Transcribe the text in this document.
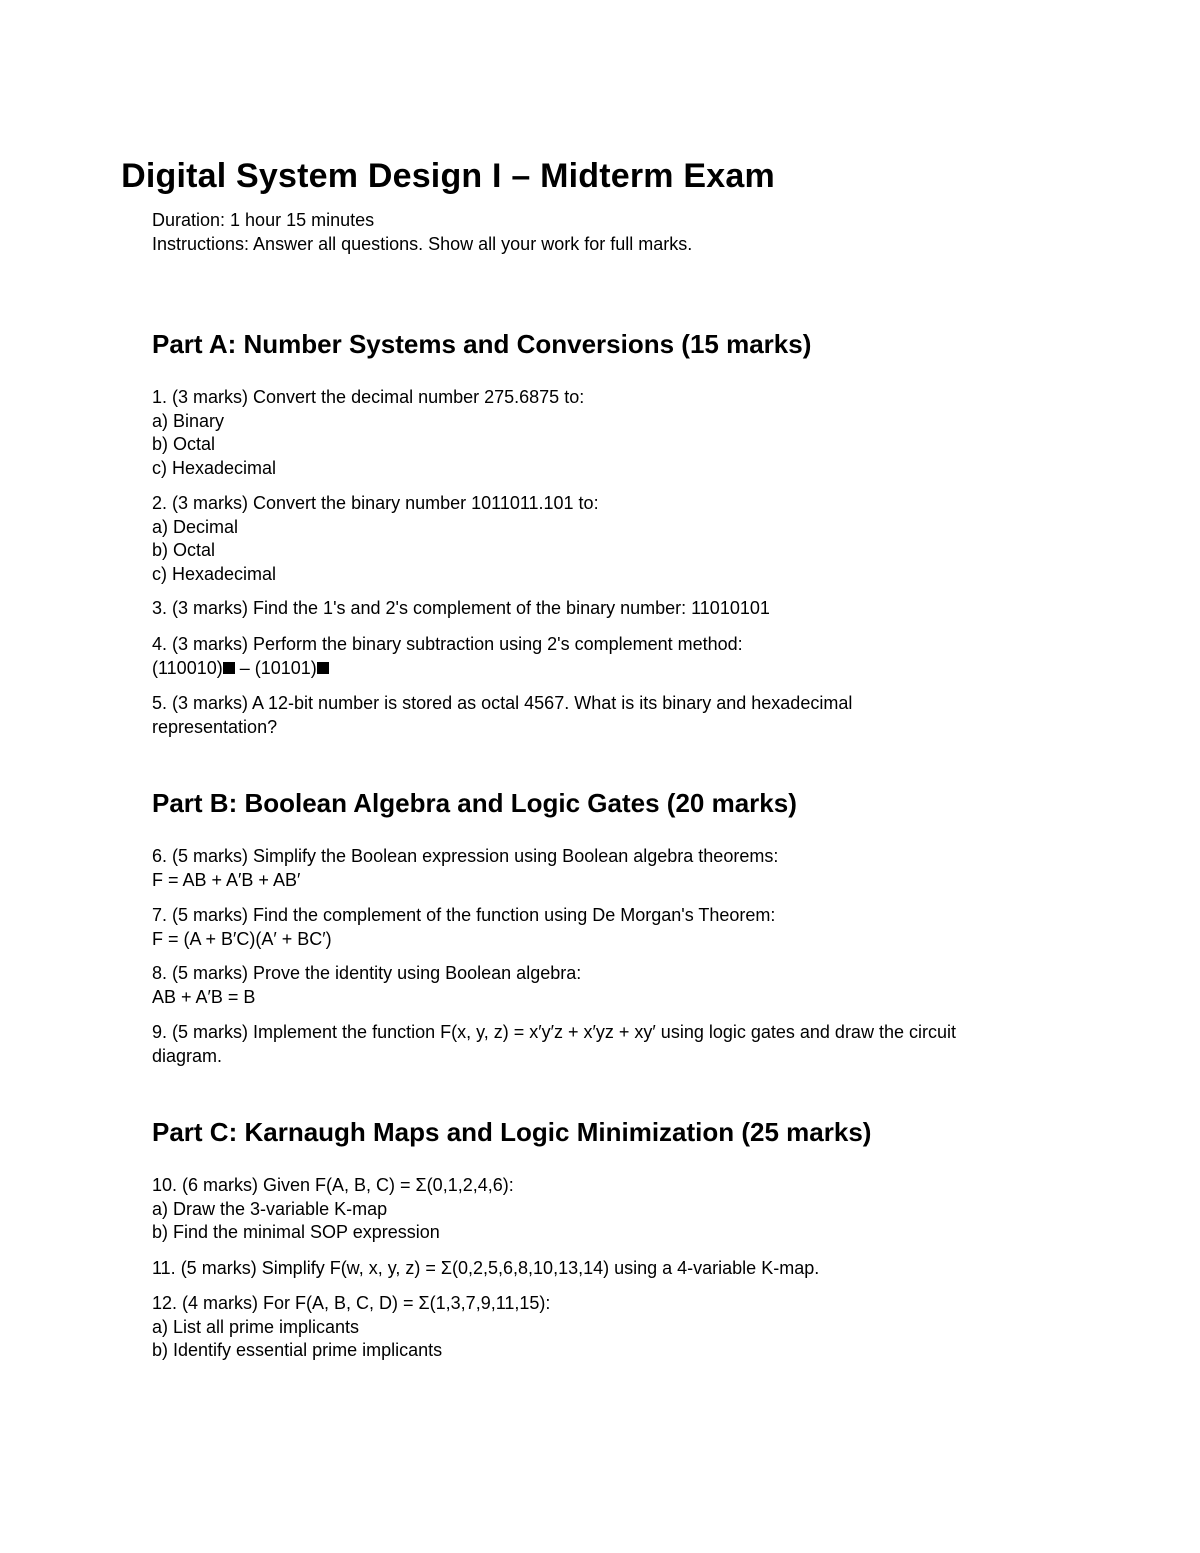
Digital System Design I – Midterm Exam
Duration: 1 hour 15 minutes
Instructions: Answer all questions. Show all your work for full marks.
Part A: Number Systems and Conversions (15 marks)
1. (3 marks) Convert the decimal number 275.6875 to:
a) Binary
b) Octal
c) Hexadecimal
2. (3 marks) Convert the binary number 1011011.101 to:
a) Decimal
b) Octal
c) Hexadecimal
3. (3 marks) Find the 1's and 2's complement of the binary number: 11010101
4. (3 marks) Perform the binary subtraction using 2's complement method:
(110010) – (10101)
5. (3 marks) A 12-bit number is stored as octal 4567. What is its binary and hexadecimal
representation?
Part B: Boolean Algebra and Logic Gates (20 marks)
6. (5 marks) Simplify the Boolean expression using Boolean algebra theorems:
F = AB + A′B + AB′
7. (5 marks) Find the complement of the function using De Morgan's Theorem:
F = (A + B′C)(A′ + BC′)
8. (5 marks) Prove the identity using Boolean algebra:
AB + A′B = B
9. (5 marks) Implement the function F(x, y, z) = x′y′z + x′yz + xy′ using logic gates and draw the circuit
diagram.
Part C: Karnaugh Maps and Logic Minimization (25 marks)
10. (6 marks) Given F(A, B, C) = Σ(0,1,2,4,6):
a) Draw the 3-variable K-map
b) Find the minimal SOP expression
11. (5 marks) Simplify F(w, x, y, z) = Σ(0,2,5,6,8,10,13,14) using a 4-variable K-map.
12. (4 marks) For F(A, B, C, D) = Σ(1,3,7,9,11,15):
a) List all prime implicants
b) Identify essential prime implicants
